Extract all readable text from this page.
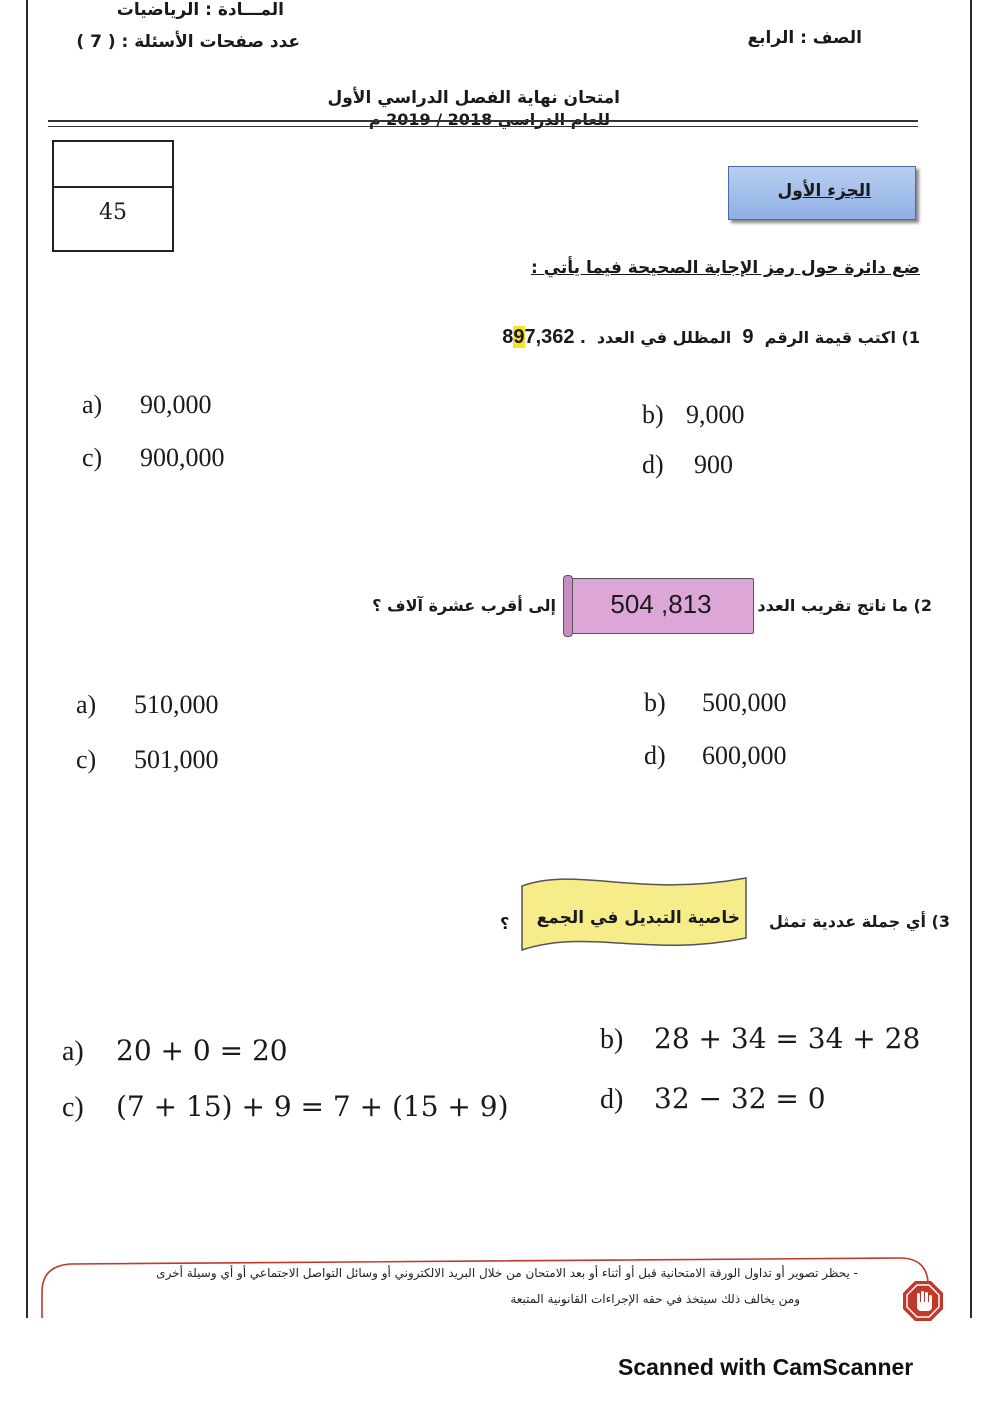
المـــادة : الرياضيات
عدد صفحات الأسئلة : ( 7 )	الصف : الرابع
امتحان نهاية الفصل الدراسي الأول
45
الجزء الأول
ضع دائرة حول رمز الإجابة الصحيحة فيما يأتي :
1) اكتب قيمة الرقم  9  المظلل في العدد  897,362 .
a) 90,000	b) 9,000
c) 900,000	d) 900
2) ما ناتج تقريب العدد
504 ,813
إلى أقرب عشرة آلاف ؟
a) 510,000	b) 500,000
c) 501,000	d) 600,000
3) أي جملة عددية تمثل
خاصية التبديل في الجمع
؟
a) 20 + 0 = 20	b) 28 + 34 = 34 + 28
c) (7 + 15) + 9 = 7 + (15 + 9)	d) 32 − 32 = 0
- يحظر تصوير أو تداول الورقة الامتحانية قبل أو أثناء أو بعد الامتحان من خلال البريد الالكتروني أو وسائل التواصل الاجتماعي أو أي وسيلة أخرى
ومن يخالف ذلك سيتخذ في حقه الإجراءات القانونية المتبعة
Scanned with CamScanner
